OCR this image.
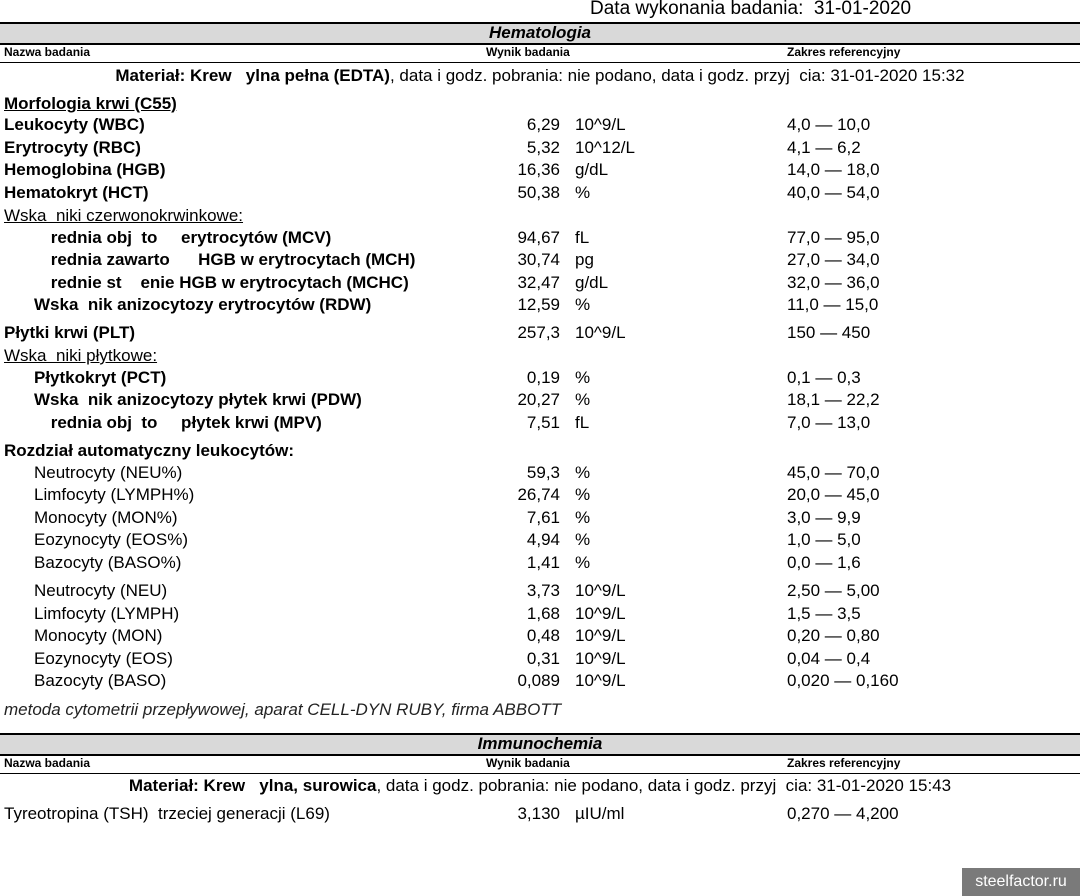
Data wykonania badania:  31-01-2020
Hematologia
Nazwa badania	Wynik badania	Zakres referencyjny
Materiał: Krew   ylna pełna (EDTA), data i godz. pobrania: nie podano, data i godz. przyj  cia: 31-01-2020 15:32
Morfologia krwi (C55)
Leukocyty (WBC)	6,29 10^9/L	4,0 — 10,0
Erytrocyty (RBC)	5,32 10^12/L	4,1 — 6,2
Hemoglobina (HGB)	16,36 g/dL	14,0 — 18,0
Hematokryt (HCT)	50,38 %	40,0 — 54,0
Wska  niki czerwonokrwinkowe:
rednia obj  to     erytrocytów (MCV)	94,67 fL	77,0 — 95,0
rednia zawarto      HGB w erytrocytach (MCH)	30,74 pg	27,0 — 34,0
rednie st    enie HGB w erytrocytach (MCHC)	32,47 g/dL	32,0 — 36,0
Wska  nik anizocytozy erytrocytów (RDW)	12,59 %	11,0 — 15,0
Płytki krwi (PLT)	257,3 10^9/L	150 — 450
Wska  niki płytkowe:
Płytkokryt (PCT)	0,19 %	0,1 — 0,3
Wska  nik anizocytozy płytek krwi (PDW)	20,27 %	18,1 — 22,2
rednia obj  to     płytek krwi (MPV)	7,51 fL	7,0 — 13,0
Rozdział automatyczny leukocytów:
Neutrocyty (NEU%)	59,3 %	45,0 — 70,0
Limfocyty (LYMPH%)	26,74 %	20,0 — 45,0
Monocyty (MON%)	7,61 %	3,0 — 9,9
Eozynocyty (EOS%)	4,94 %	1,0 — 5,0
Bazocyty (BASO%)	1,41 %	0,0 — 1,6
Neutrocyty (NEU)	3,73 10^9/L	2,50 — 5,00
Limfocyty (LYMPH)	1,68 10^9/L	1,5 — 3,5
Monocyty (MON)	0,48 10^9/L	0,20 — 0,80
Eozynocyty (EOS)	0,31 10^9/L	0,04 — 0,4
Bazocyty (BASO)	0,089 10^9/L	0,020 — 0,160
metoda cytometrii przepływowej, aparat CELL-DYN RUBY, firma ABBOTT
Immunochemia
Nazwa badania	Wynik badania	Zakres referencyjny
Materiał: Krew   ylna, surowica, data i godz. pobrania: nie podano, data i godz. przyj  cia: 31-01-2020 15:43
Tyreotropina (TSH)  trzeciej generacji (L69)	3,130 µIU/ml	0,270 — 4,200
steelfactor.ru
